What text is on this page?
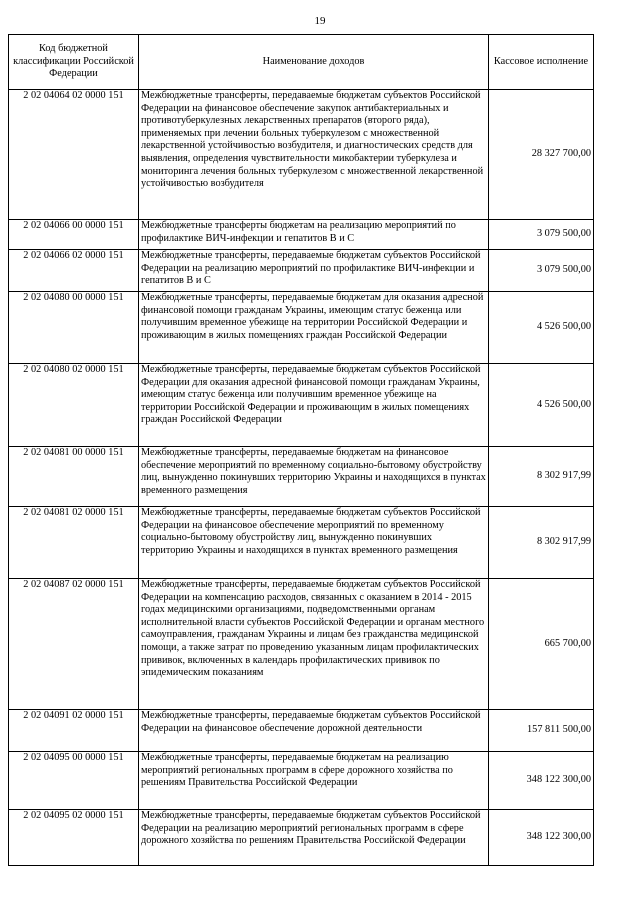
19
Код бюджетной классификации Российской Федерации	Наименование доходов	Кассовое исполнение
2 02 04064 02 0000 151	Межбюджетные трансферты, передаваемые бюджетам субъектов Российской Федерации на финансовое обеспечение закупок антибактериальных и противотуберкулезных лекарственных препаратов (второго ряда), применяемых при лечении больных туберкулезом с множественной лекарственной устойчивостью возбудителя, и диагностических средств для выявления, определения чувствительности микобактерии туберкулеза и мониторинга лечения больных туберкулезом с множественной лекарственной устойчивостью возбудителя	28 327 700,00
2 02 04066 00 0000 151	Межбюджетные трансферты бюджетам на реализацию мероприятий по профилактике ВИЧ-инфекции и гепатитов B и C	3 079 500,00
2 02 04066 02 0000 151	Межбюджетные трансферты, передаваемые бюджетам субъектов Российской Федерации на реализацию мероприятий по профилактике ВИЧ-инфекции и гепатитов B и C	3 079 500,00
2 02 04080 00 0000 151	Межбюджетные трансферты, передаваемые бюджетам для оказания адресной финансовой помощи гражданам Украины, имеющим статус беженца или получившим временное убежище на территории Российской Федерации и проживающим в жилых помещениях граждан Российской Федерации	4 526 500,00
2 02 04080 02 0000 151	Межбюджетные трансферты, передаваемые бюджетам субъектов Российской Федерации для оказания адресной финансовой помощи гражданам Украины, имеющим статус беженца или получившим временное убежище на территории Российской Федерации и проживающим в жилых помещениях граждан Российской Федерации	4 526 500,00
2 02 04081 00 0000 151	Межбюджетные трансферты, передаваемые бюджетам на финансовое обеспечение мероприятий по временному социально-бытовому обустройству лиц, вынужденно покинувших территорию Украины и находящихся в пунктах временного размещения	8 302 917,99
2 02 04081 02 0000 151	Межбюджетные трансферты, передаваемые бюджетам субъектов Российской Федерации на финансовое обеспечение мероприятий по временному социально-бытовому обустройству лиц, вынужденно покинувших территорию Украины и находящихся в пунктах временного размещения	8 302 917,99
2 02 04087 02 0000 151	Межбюджетные трансферты, передаваемые бюджетам субъектов Российской Федерации на компенсацию расходов, связанных с оказанием в 2014 - 2015 годах медицинскими организациями, подведомственными органам исполнительной власти субъектов Российской Федерации и органам местного самоуправления, гражданам Украины и лицам без гражданства медицинской помощи, а также затрат по проведению указанным лицам профилактических прививок, включенных в календарь профилактических прививок по эпидемическим показаниям	665 700,00
2 02 04091 02 0000 151	Межбюджетные трансферты, передаваемые бюджетам субъектов Российской Федерации на финансовое обеспечение дорожной деятельности	157 811 500,00
2 02 04095 00 0000 151	Межбюджетные трансферты, передаваемые бюджетам на реализацию мероприятий региональных программ в сфере дорожного хозяйства по решениям Правительства Российской Федерации	348 122 300,00
2 02 04095 02 0000 151	Межбюджетные трансферты, передаваемые бюджетам субъектов Российской Федерации на реализацию мероприятий региональных программ в сфере дорожного хозяйства по решениям Правительства Российской Федерации	348 122 300,00
